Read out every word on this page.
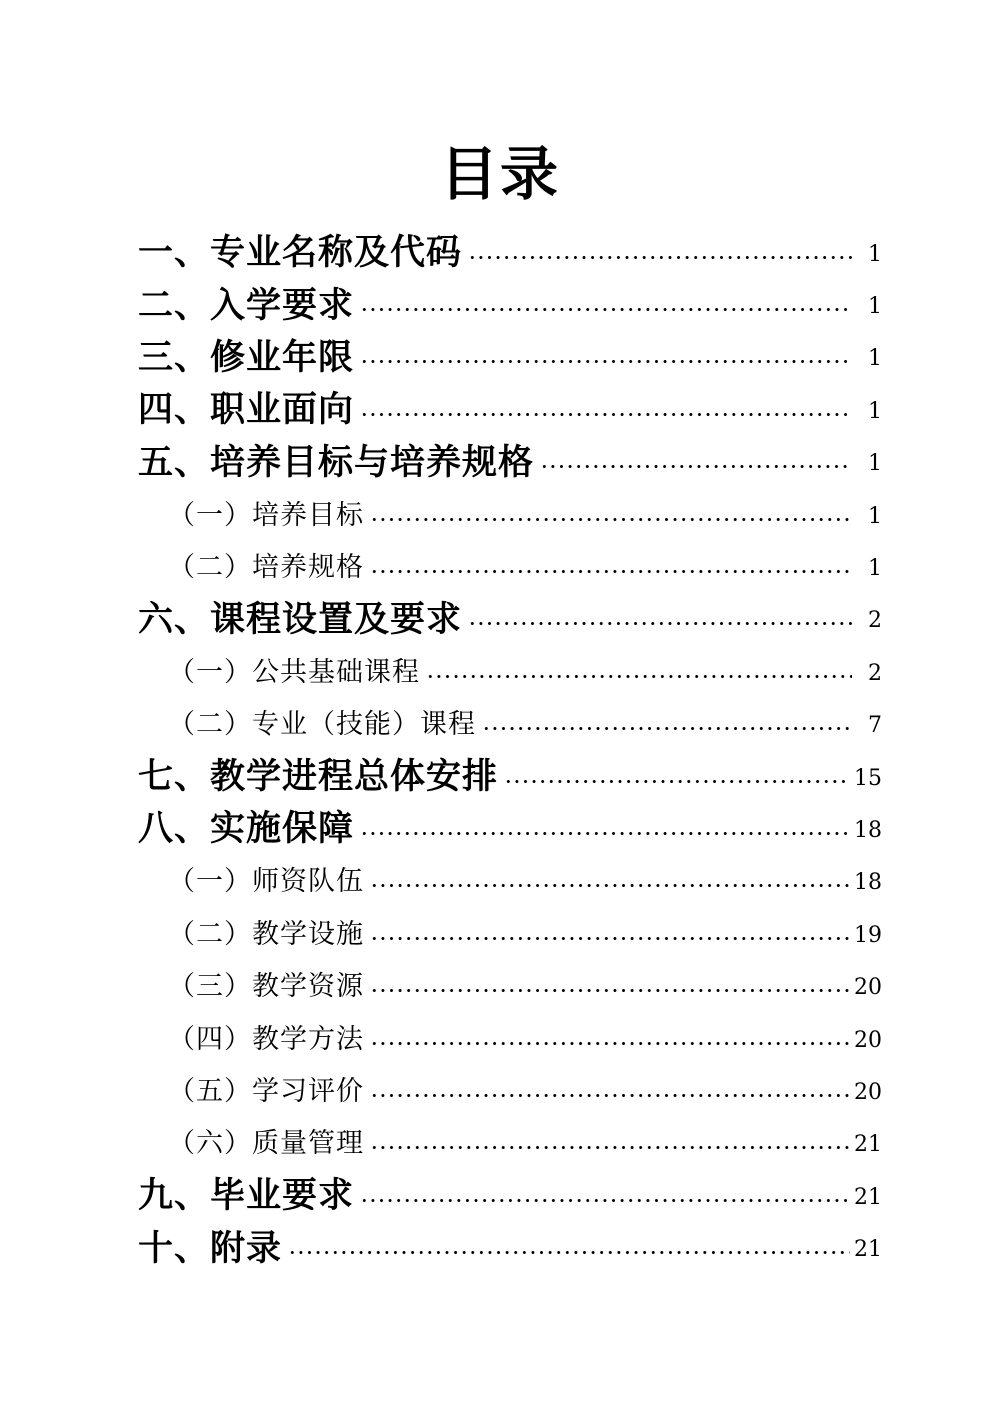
目录
一、专业名称及代码	1
二、入学要求	1
三、修业年限	1
四、职业面向	1
五、培养目标与培养规格	1
（一）培养目标	1
（二）培养规格	1
六、课程设置及要求	2
（一）公共基础课程	2
（二）专业（技能）课程	7
七、教学进程总体安排	15
八、实施保障	18
（一）师资队伍	18
（二）教学设施	19
（三）教学资源	20
（四）教学方法	20
（五）学习评价	20
（六）质量管理	21
九、毕业要求	21
十、附录	21
